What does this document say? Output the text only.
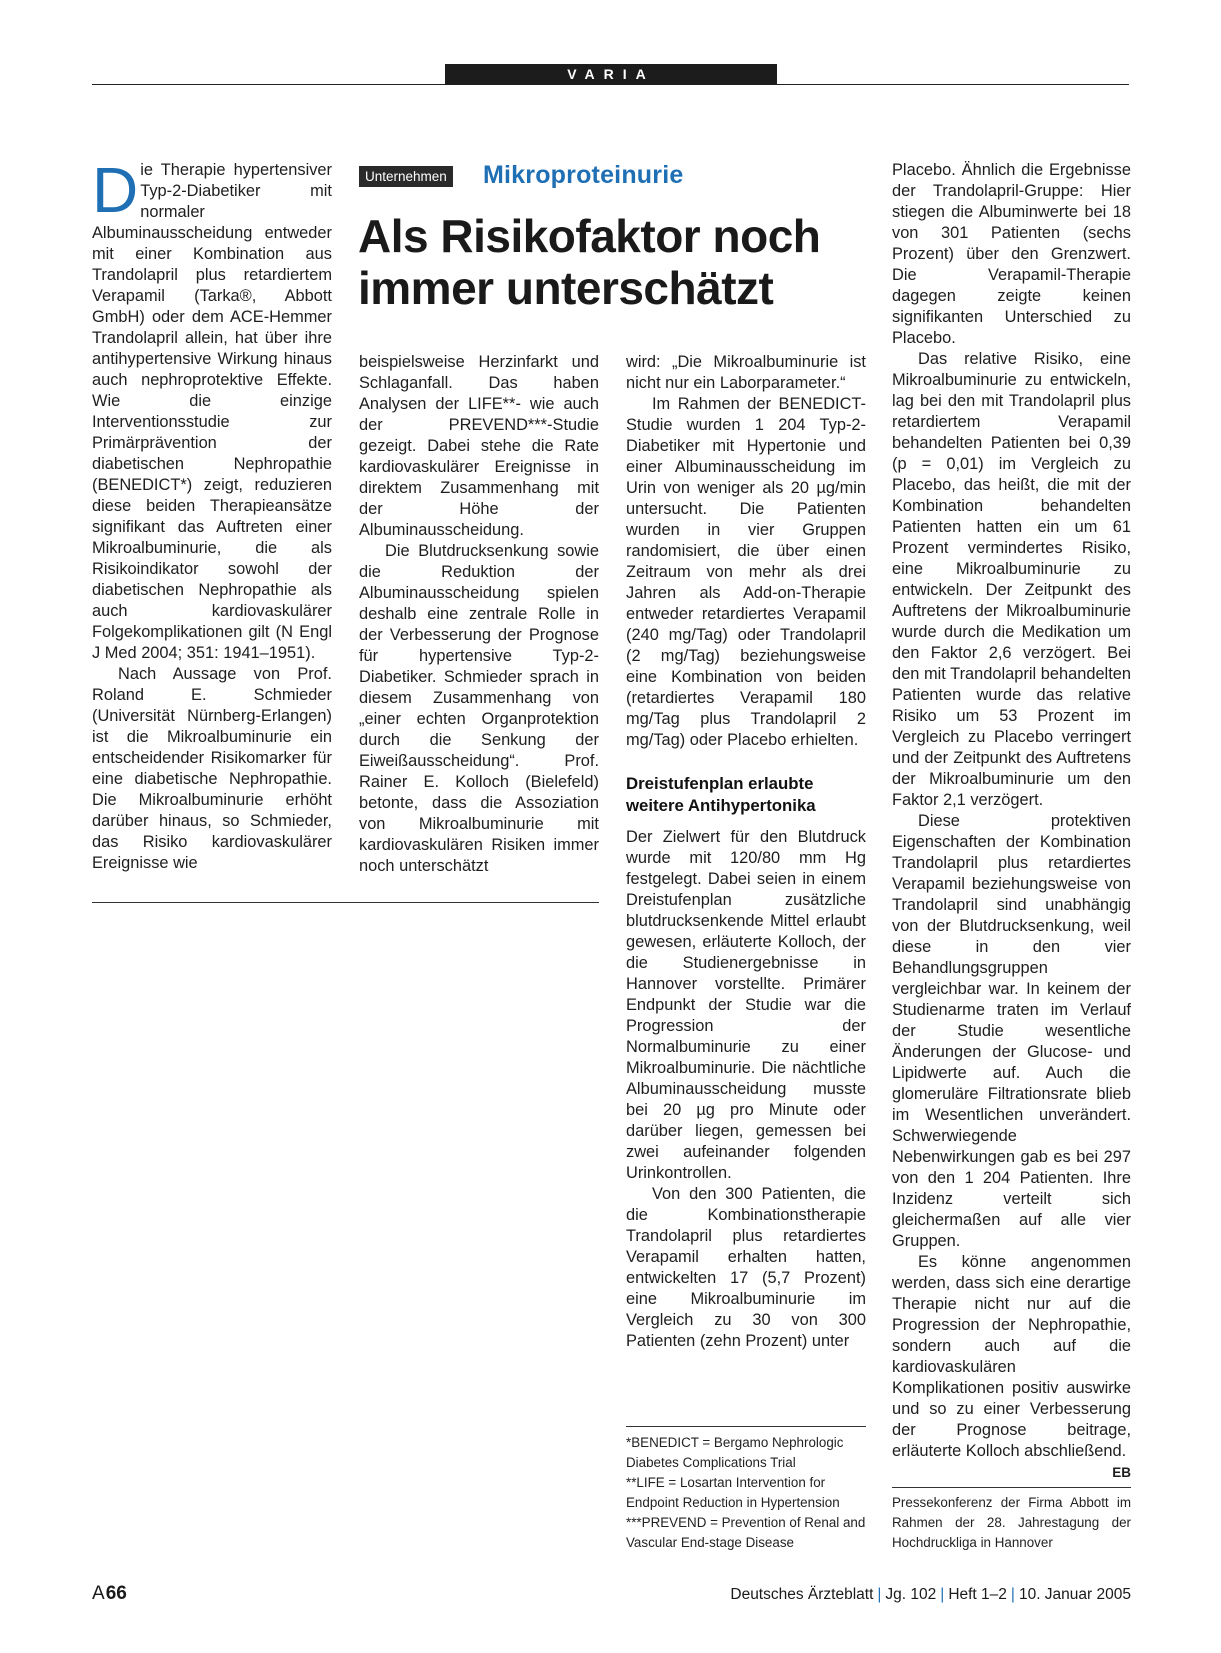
VARIA
Unternehmen Mikroproteinurie
Als Risikofaktor noch immer unterschätzt

Die Therapie hypertensiver Typ-2-Diabetiker mit normaler Albuminausscheidung entweder mit einer Kombination aus Trandolapril plus retardiertem Verapamil (Tarka®, Abbott GmbH) oder dem ACE-Hemmer Trandolapril allein, hat über ihre antihypertensive Wirkung hinaus auch nephroprotektive Effekte. Wie die einzige Interventionsstudie zur Primärprävention der diabetischen Nephropathie (BENEDICT*) zeigt, reduzieren diese beiden Therapieansätze signifikant das Auftreten einer Mikroalbuminurie, die als Risikoindikator sowohl der diabetischen Nephropathie als auch kardiovaskulärer Folgekomplikationen gilt (N Engl J Med 2004; 351: 1941–1951).

Nach Aussage von Prof. Roland E. Schmieder (Universität Nürnberg-Erlangen) ist die Mikroalbuminurie ein entscheidender Risikomarker für eine diabetische Nephropathie. Die Mikroalbuminurie erhöht darüber hinaus, so Schmieder, das Risiko kardiovaskulärer Ereignisse wie

beispielsweise Herzinfarkt und Schlaganfall. Das haben Analysen der LIFE**- wie auch der PREVEND***-Studie gezeigt. Dabei stehe die Rate kardiovaskulärer Ereignisse in direktem Zusammenhang mit der Höhe der Albuminausscheidung.

Die Blutdrucksenkung sowie die Reduktion der Albuminausscheidung spielen deshalb eine zentrale Rolle in der Verbesserung der Prognose für hypertensive Typ-2-Diabetiker. Schmieder sprach in diesem Zusammenhang von „einer echten Organprotektion durch die Senkung der Eiweißausscheidung“. Prof. Rainer E. Kolloch (Bielefeld) betonte, dass die Assoziation von Mikroalbuminurie mit kardiovaskulären Risiken immer noch unterschätzt

wird: „Die Mikroalbuminurie ist nicht nur ein Laborparameter.“

Im Rahmen der BENEDICT-Studie wurden 1 204 Typ-2-Diabetiker mit Hypertonie und einer Albuminausscheidung im Urin von weniger als 20 µg/min untersucht. Die Patienten wurden in vier Gruppen randomisiert, die über einen Zeitraum von mehr als drei Jahren als Add-on-Therapie entweder retardiertes Verapamil (240 mg/Tag) oder Trandolapril (2 mg/Tag) beziehungsweise eine Kombination von beiden (retardiertes Verapamil 180 mg/Tag plus Trandolapril 2 mg/Tag) oder Placebo erhielten.

Dreistufenplan erlaubte weitere Antihypertonika

Der Zielwert für den Blutdruck wurde mit 120/80 mm Hg festgelegt. Dabei seien in einem Dreistufenplan zusätzliche blutdrucksenkende Mittel erlaubt gewesen, erläuterte Kolloch, der die Studienergebnisse in Hannover vorstellte. Primärer Endpunkt der Studie war die Progression der Normalbuminurie zu einer Mikroalbuminurie. Die nächtliche Albuminausscheidung musste bei 20 µg pro Minute oder darüber liegen, gemessen bei zwei aufeinander folgenden Urinkontrollen.

Von den 300 Patienten, die die Kombinationstherapie Trandolapril plus retardiertes Verapamil erhalten hatten, entwickelten 17 (5,7 Prozent) eine Mikroalbuminurie im Vergleich zu 30 von 300 Patienten (zehn Prozent) unter

*BENEDICT = Bergamo Nephrologic Diabetes Complications Trial
**LIFE = Losartan Intervention for Endpoint Reduction in Hypertension
***PREVEND = Prevention of Renal and Vascular End-stage Disease

Placebo. Ähnlich die Ergebnisse der Trandolapril-Gruppe: Hier stiegen die Albuminwerte bei 18 von 301 Patienten (sechs Prozent) über den Grenzwert. Die Verapamil-Therapie dagegen zeigte keinen signifikanten Unterschied zu Placebo.

Das relative Risiko, eine Mikroalbuminurie zu entwickeln, lag bei den mit Trandolapril plus retardiertem Verapamil behandelten Patienten bei 0,39 (p = 0,01) im Vergleich zu Placebo, das heißt, die mit der Kombination behandelten Patienten hatten ein um 61 Prozent vermindertes Risiko, eine Mikroalbuminurie zu entwickeln. Der Zeitpunkt des Auftretens der Mikroalbuminurie wurde durch die Medikation um den Faktor 2,6 verzögert. Bei den mit Trandolapril behandelten Patienten wurde das relative Risiko um 53 Prozent im Vergleich zu Placebo verringert und der Zeitpunkt des Auftretens der Mikroalbuminurie um den Faktor 2,1 verzögert.

Diese protektiven Eigenschaften der Kombination Trandolapril plus retardiertes Verapamil beziehungsweise von Trandolapril sind unabhängig von der Blutdrucksenkung, weil diese in den vier Behandlungsgruppen vergleichbar war. In keinem der Studienarme traten im Verlauf der Studie wesentliche Änderungen der Glucose- und Lipidwerte auf. Auch die glomeruläre Filtrationsrate blieb im Wesentlichen unverändert. Schwerwiegende Nebenwirkungen gab es bei 297 von den 1 204 Patienten. Ihre Inzidenz verteilt sich gleichermaßen auf alle vier Gruppen.

Es könne angenommen werden, dass sich eine derartige Therapie nicht nur auf die Progression der Nephropathie, sondern auch auf die kardiovaskulären Komplikationen positiv auswirke und so zu einer Verbesserung der Prognose beitrage, erläuterte Kolloch abschließend.
EB

Pressekonferenz der Firma Abbott im Rahmen der 28. Jahrestagung der Hochdruckliga in Hannover
A66	Deutsches Ärzteblatt | Jg. 102 | Heft 1–2 | 10. Januar 2005
